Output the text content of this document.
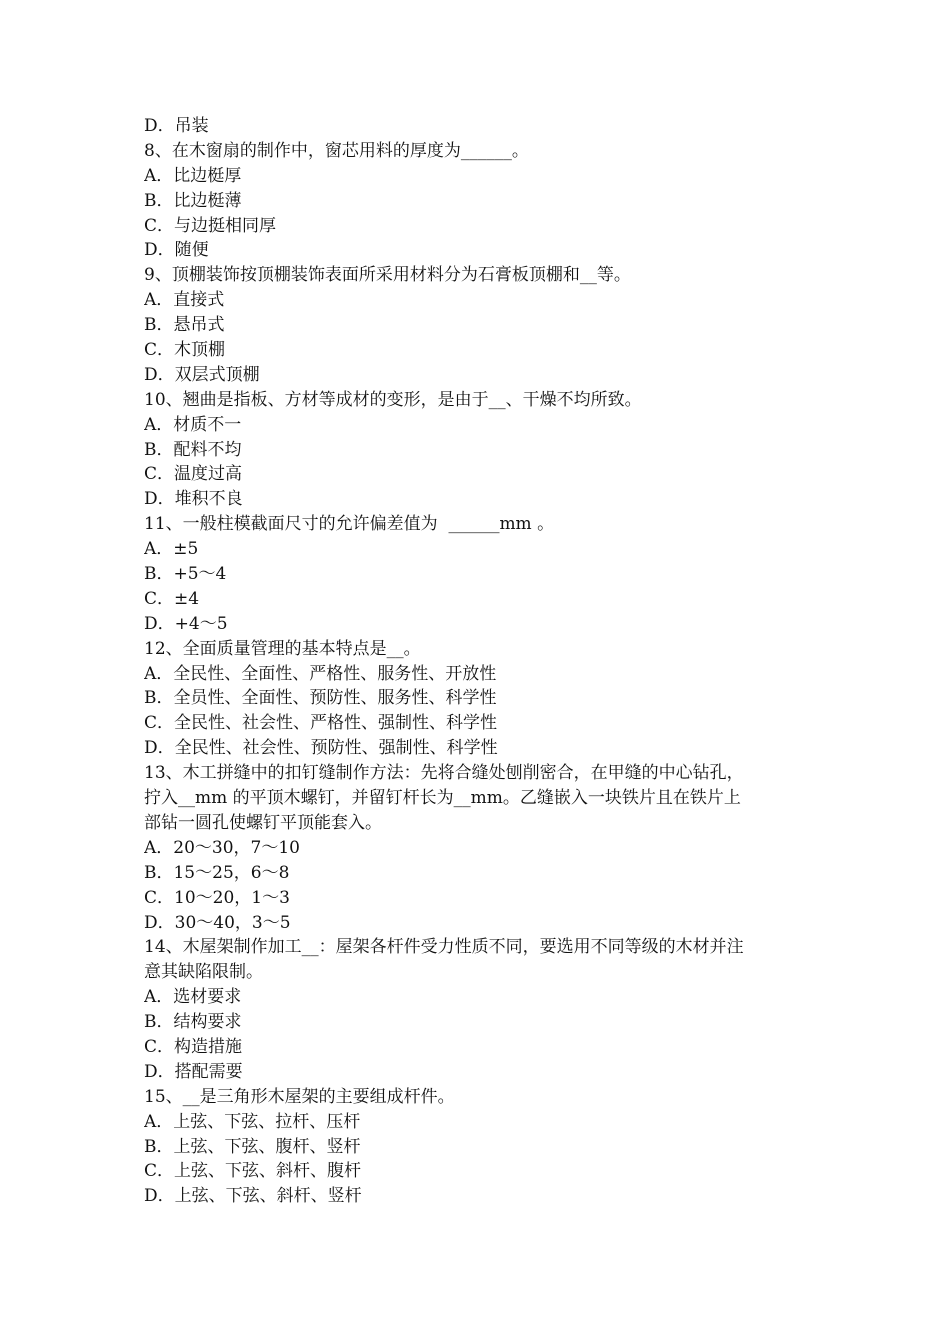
D．吊装
8、在木窗扇的制作中，窗芯用料的厚度为______。
A．比边梃厚
B．比边梃薄
C．与边挺相同厚
D．随便
9、顶棚装饰按顶棚装饰表面所采用材料分为石膏板顶棚和__等。
A．直接式
B．悬吊式
C．木顶棚
D．双层式顶棚
10、翘曲是指板、方材等成材的变形，是由于__、干燥不均所致。
A．材质不一
B．配料不均
C．温度过高
D．堆积不良
11、一般柱模截面尺寸的允许偏差值为  ______mm 。
A．±5
B．+5～4
C．±4
D．+4～5
12、全面质量管理的基本特点是__。
A．全民性、全面性、严格性、服务性、开放性
B．全员性、全面性、预防性、服务性、科学性
C．全民性、社会性、严格性、强制性、科学性
D．全民性、社会性、预防性、强制性、科学性
13、木工拼缝中的扣钉缝制作方法：先将合缝处刨削密合，在甲缝的中心钻孔，
拧入__mm 的平顶木螺钉，并留钉杆长为__mm。乙缝嵌入一块铁片且在铁片上
部钻一圆孔使螺钉平顶能套入。
A．20～30，7～10
B．15～25，6～8
C．10～20，1～3
D．30～40，3～5
14、木屋架制作加工__：屋架各杆件受力性质不同，要选用不同等级的木材并注
意其缺陷限制。
A．选材要求
B．结构要求
C．构造措施
D．搭配需要
15、__是三角形木屋架的主要组成杆件。
A．上弦、下弦、拉杆、压杆
B．上弦、下弦、腹杆、竖杆
C．上弦、下弦、斜杆、腹杆
D．上弦、下弦、斜杆、竖杆
